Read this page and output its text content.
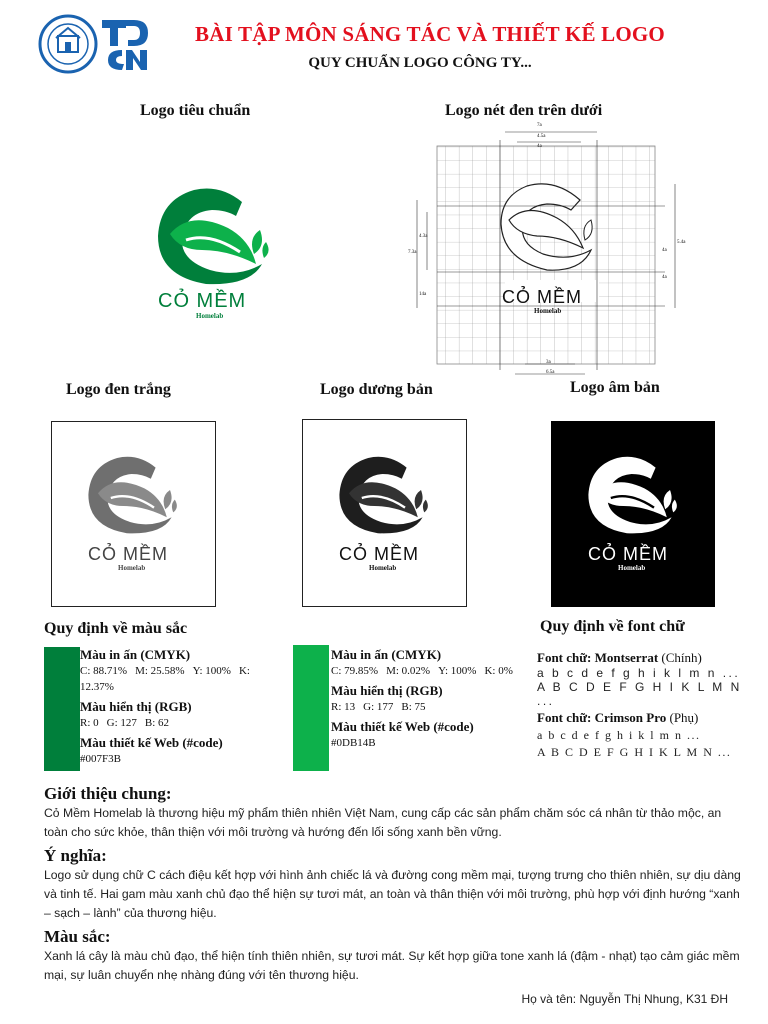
BÀI TẬP MÔN SÁNG TÁC VÀ THIẾT KẾ LOGO
QUY CHUẨN LOGO CÔNG TY...
Logo tiêu chuẩn
CỎ MỀM
Homelab
Logo nét đen trên dưới
7a
4.5a
4a
7.3a
4.3a
14a
5.4a
4a
4a
3a
6.5a
CỎ MỀM
Homelab
Logo đen trắng
CỎ MỀM
Homelab
Logo dương bản
CỎ MỀM
Homelab
Logo âm bản
CỎ MỀM
Homelab
Quy định về màu sắc
Màu in ấn (CMYK)
C: 88.71% M: 25.58% Y: 100% K: 12.37%
Màu hiển thị (RGB)
R: 0 G: 127 B: 62
Màu thiết kế Web (#code)
#007F3B
Màu in ấn (CMYK)
C: 79.85% M: 0.02% Y: 100% K: 0%
Màu hiển thị (RGB)
R: 13 G: 177 B: 75
Màu thiết kế Web (#code)
#0DB14B
Quy định về font chữ
Font chữ: Montserrat (Chính)
a b c d e f g h i k l m n ...
A B C D E F G H I K L M N ...
Font chữ: Crimson Pro (Phụ)
a b c d e f g h i k l m n ...
A B C D E F G H I K L M N ...
Giới thiệu chung:
Cỏ Mềm Homelab là thương hiệu mỹ phẩm thiên nhiên Việt Nam, cung cấp các sản phẩm chăm sóc cá nhân từ thảo mộc, an toàn cho sức khỏe, thân thiện với môi trường và hướng đến lối sống xanh bền vững.
Ý nghĩa:
Logo sử dụng chữ C cách điệu kết hợp với hình ảnh chiếc lá và đường cong mềm mại, tượng trưng cho thiên nhiên, sự dịu dàng và tinh tế. Hai gam màu xanh chủ đạo thể hiện sự tươi mát, an toàn và thân thiện với môi trường, phù hợp với định hướng “xanh – sạch – lành” của thương hiệu.
Màu sắc:
Xanh lá cây là màu chủ đạo, thể hiện tính thiên nhiên, sự tươi mát. Sự kết hợp giữa tone xanh lá (đậm - nhạt) tạo cảm giác mềm mại, sự luân chuyển nhẹ nhàng đúng với tên thương hiệu.
Họ và tên: Nguyễn Thị Nhung, K31 ĐH
